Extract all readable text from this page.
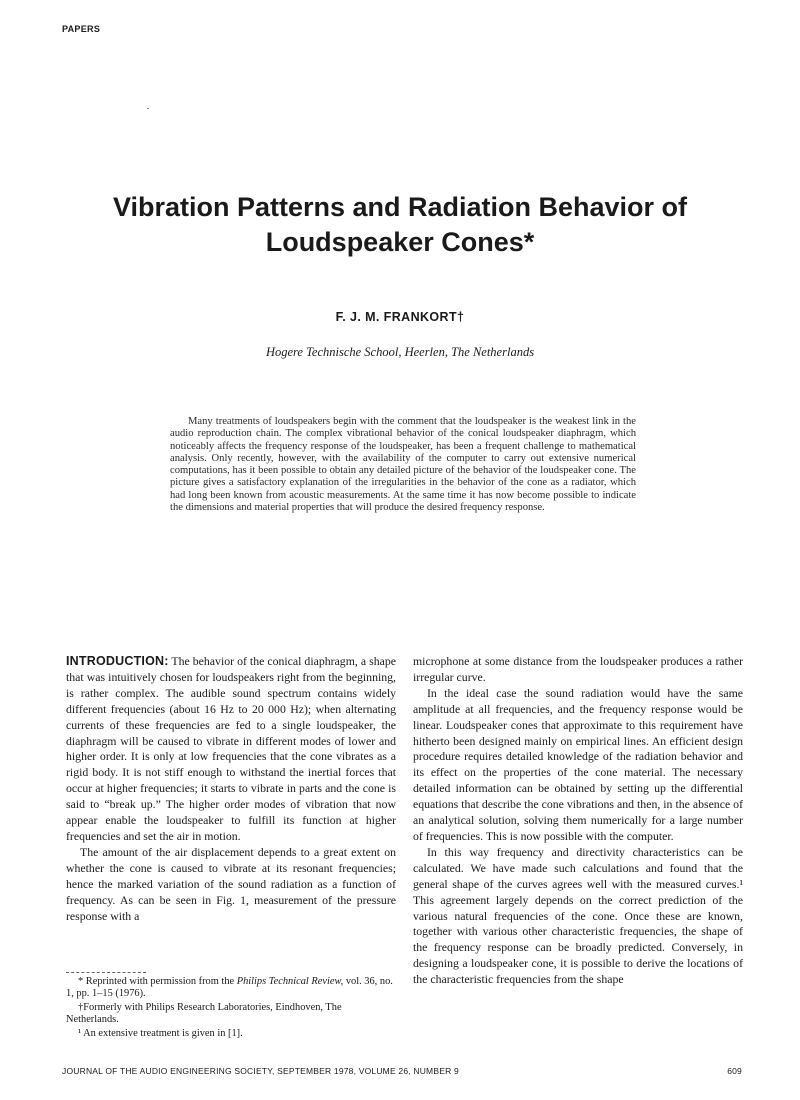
PAPERS
Vibration Patterns and Radiation Behavior of
Loudspeaker Cones*
F. J. M. FRANKORT†
Hogere Technische School, Heerlen, The Netherlands

Many treatments of loudspeakers begin with the comment that the loudspeaker is the weakest link in the audio reproduction chain. The complex vibrational behavior of the conical loudspeaker diaphragm, which noticeably affects the frequency response of the loudspeaker, has been a frequent challenge to mathematical analysis. Only recently, however, with the availability of the computer to carry out extensive numerical computations, has it been possible to obtain any detailed picture of the behavior of the loudspeaker cone. The picture gives a satisfactory explanation of the irregularities in the behavior of the cone as a radiator, which had long been known from acoustic measurements. At the same time it has now become possible to indicate the dimensions and material properties that will produce the desired frequency response.

INTRODUCTION: The behavior of the conical diaphragm, a shape that was intuitively chosen for loudspeakers right from the beginning, is rather complex. The audible sound spectrum contains widely different frequencies (about 16 Hz to 20 000 Hz); when alternating currents of these frequencies are fed to a single loudspeaker, the diaphragm will be caused to vibrate in different modes of lower and higher order. It is only at low frequencies that the cone vibrates as a rigid body. It is not stiff enough to withstand the inertial forces that occur at higher frequencies; it starts to vibrate in parts and the cone is said to “break up.” The higher order modes of vibration that now appear enable the loudspeaker to fulfill its function at higher frequencies and set the air in motion.

The amount of the air displacement depends to a great extent on whether the cone is caused to vibrate at its resonant frequencies; hence the marked variation of the sound radiation as a function of frequency. As can be seen in Fig. 1, measurement of the pressure response with a

microphone at some distance from the loudspeaker produces a rather irregular curve.

In the ideal case the sound radiation would have the same amplitude at all frequencies, and the frequency response would be linear. Loudspeaker cones that approximate to this requirement have hitherto been designed mainly on empirical lines. An efficient design procedure requires detailed knowledge of the radiation behavior and its effect on the properties of the cone material. The necessary detailed information can be obtained by setting up the differential equations that describe the cone vibrations and then, in the absence of an analytical solution, solving them numerically for a large number of frequencies. This is now possible with the computer.

In this way frequency and directivity characteristics can be calculated. We have made such calculations and found that the general shape of the curves agrees well with the measured curves.¹ This agreement largely depends on the correct prediction of the various natural frequencies of the cone. Once these are known, together with various other characteristic frequencies, the shape of the frequency response can be broadly predicted. Conversely, in designing a loudspeaker cone, it is possible to derive the locations of the characteristic frequencies from the shape

* Reprinted with permission from the Philips Technical Review, vol. 36, no. 1, pp. 1–15 (1976).

†Formerly with Philips Research Laboratories, Eindhoven, The Netherlands.

¹ An extensive treatment is given in [1].

JOURNAL OF THE AUDIO ENGINEERING SOCIETY, SEPTEMBER 1978, VOLUME 26, NUMBER 9	609
